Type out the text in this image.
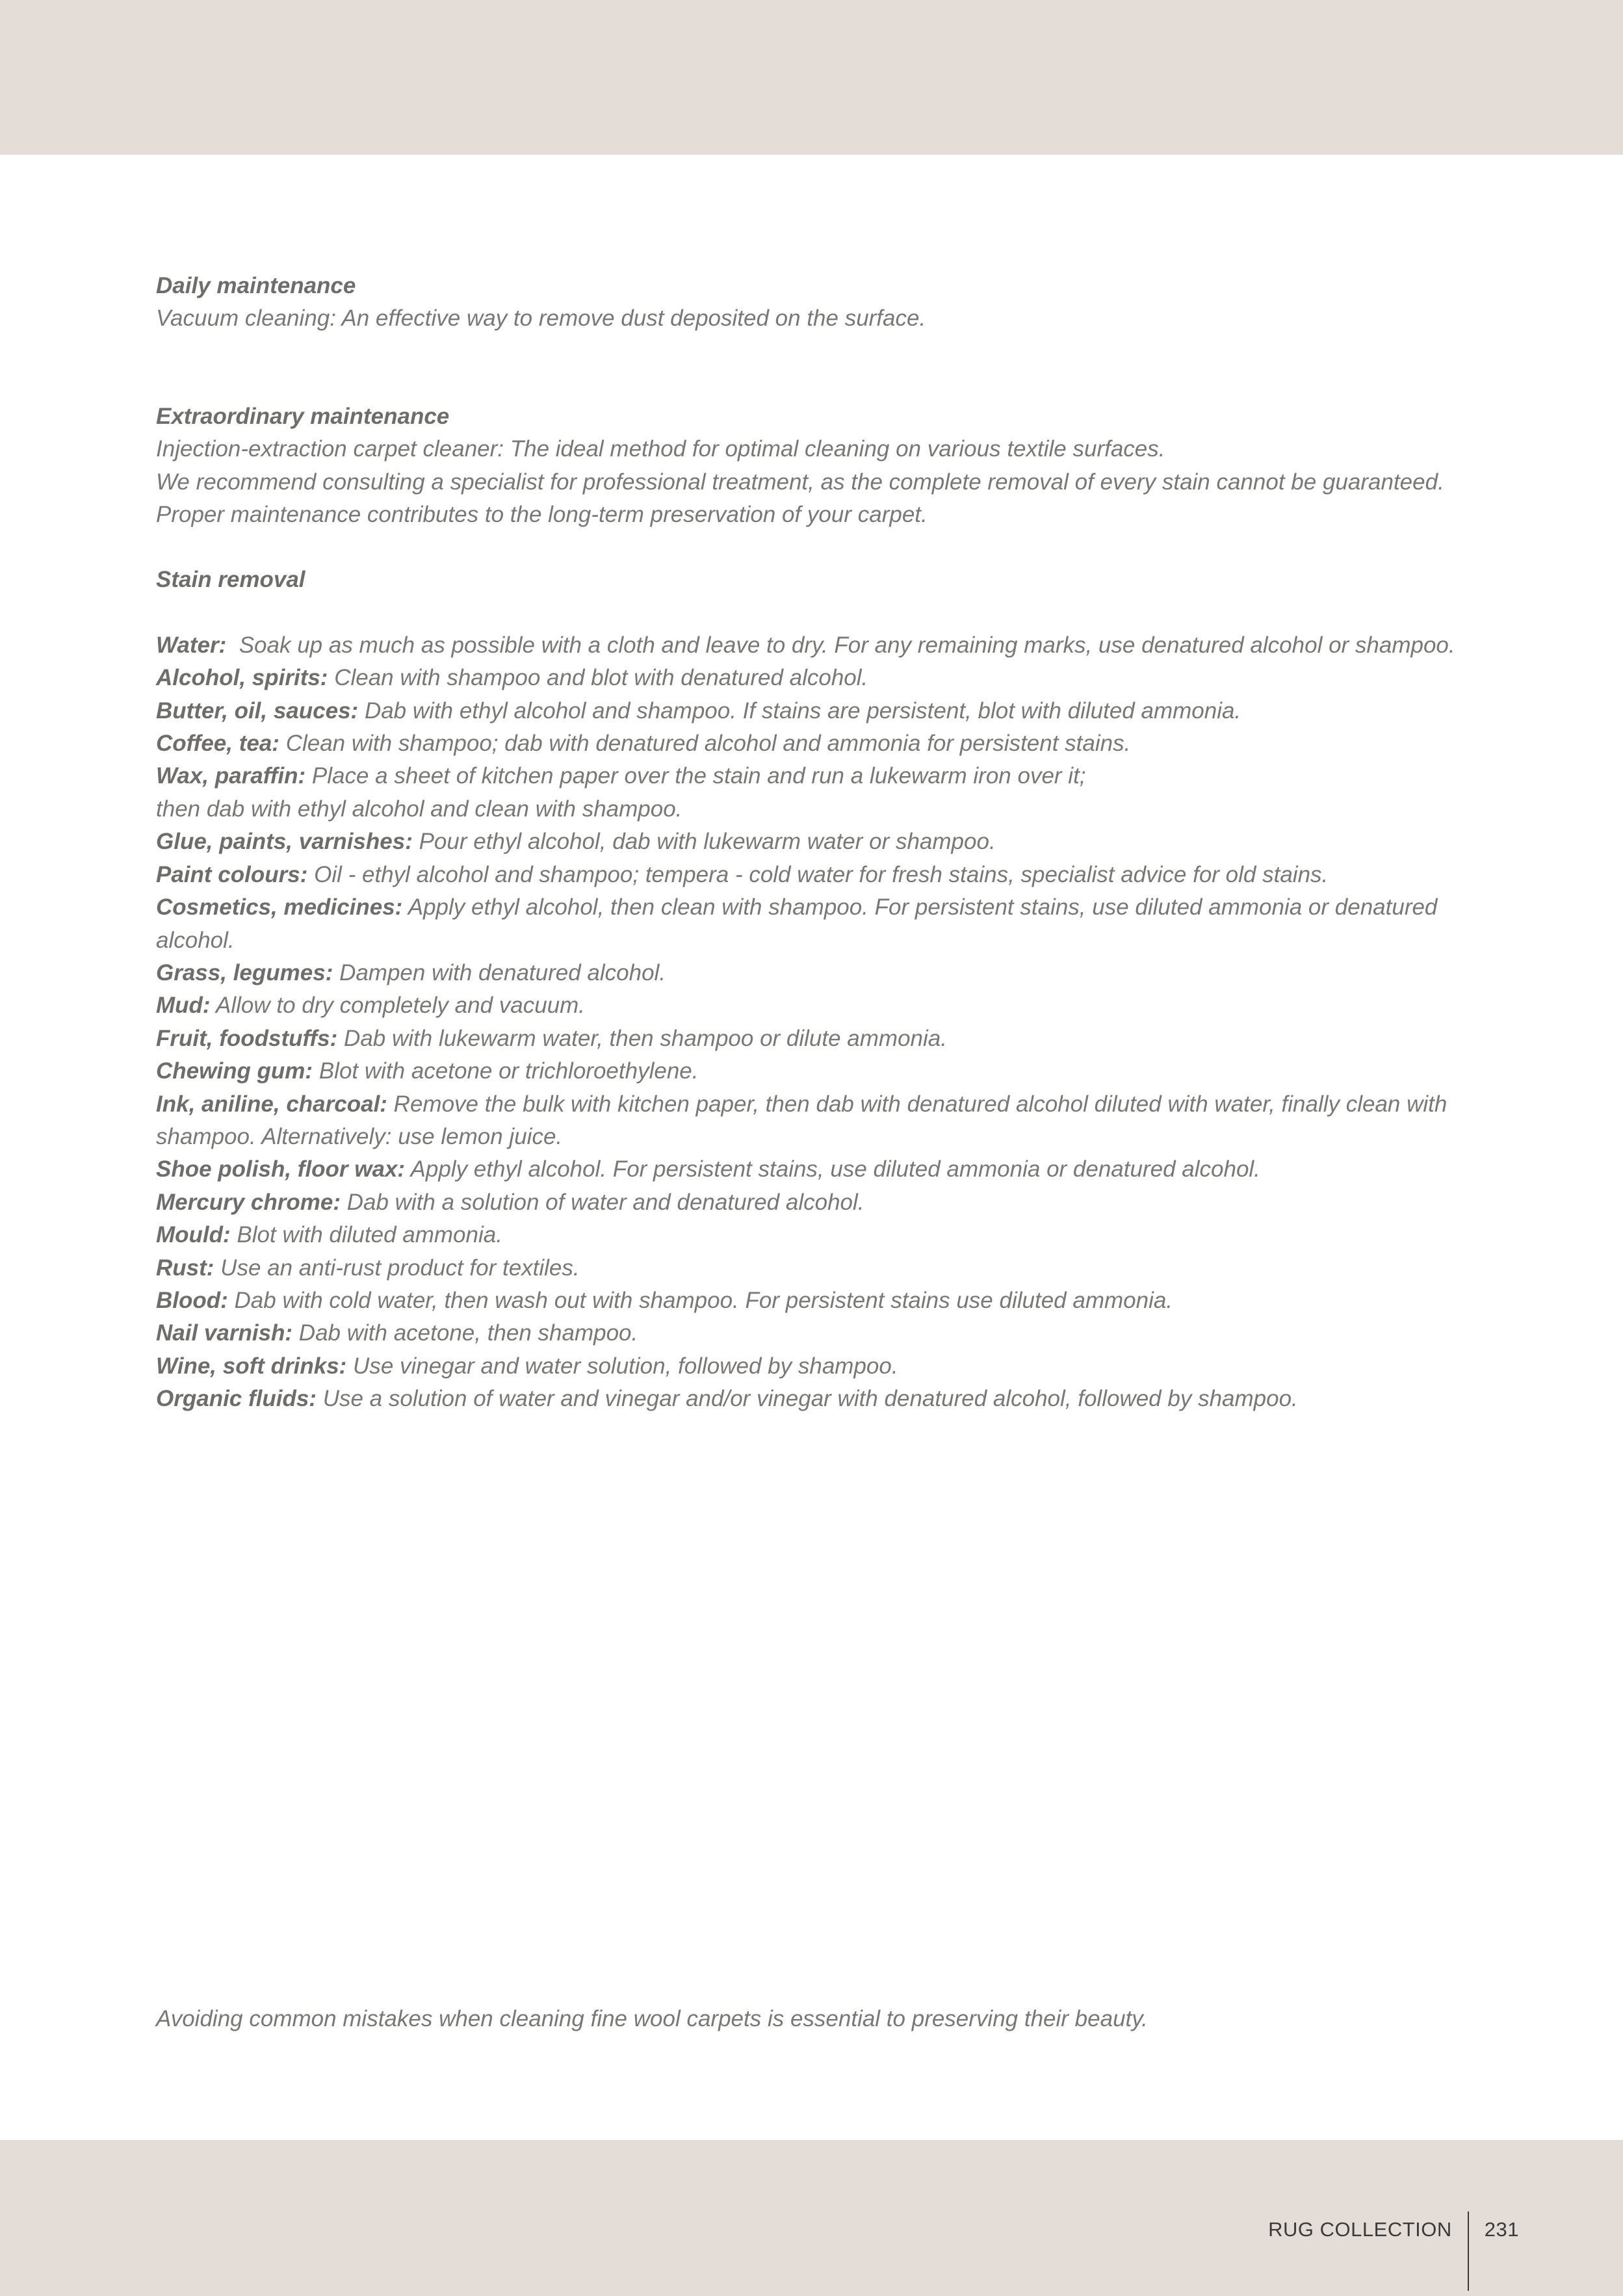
Daily maintenance
Vacuum cleaning: An effective way to remove dust deposited on the surface.
Extraordinary maintenance
Injection-extraction carpet cleaner: The ideal method for optimal cleaning on various textile surfaces.
We recommend consulting a specialist for professional treatment, as the complete removal of every stain cannot be guaranteed.
Proper maintenance contributes to the long-term preservation of your carpet.
Stain removal
Water:  Soak up as much as possible with a cloth and leave to dry. For any remaining marks, use denatured alcohol or shampoo.
Alcohol, spirits: Clean with shampoo and blot with denatured alcohol.
Butter, oil, sauces: Dab with ethyl alcohol and shampoo. If stains are persistent, blot with diluted ammonia.
Coffee, tea: Clean with shampoo; dab with denatured alcohol and ammonia for persistent stains.
Wax, paraffin: Place a sheet of kitchen paper over the stain and run a lukewarm iron over it;
then dab with ethyl alcohol and clean with shampoo.
Glue, paints, varnishes: Pour ethyl alcohol, dab with lukewarm water or shampoo.
Paint colours: Oil - ethyl alcohol and shampoo; tempera - cold water for fresh stains, specialist advice for old stains.
Cosmetics, medicines: Apply ethyl alcohol, then clean with shampoo. For persistent stains, use diluted ammonia or denatured alcohol.
Grass, legumes: Dampen with denatured alcohol.
Mud: Allow to dry completely and vacuum.
Fruit, foodstuffs: Dab with lukewarm water, then shampoo or dilute ammonia.
Chewing gum: Blot with acetone or trichloroethylene.
Ink, aniline, charcoal: Remove the bulk with kitchen paper, then dab with denatured alcohol diluted with water, finally clean with shampoo. Alternatively: use lemon juice.
Shoe polish, floor wax: Apply ethyl alcohol. For persistent stains, use diluted ammonia or denatured alcohol.
Mercury chrome: Dab with a solution of water and denatured alcohol.
Mould: Blot with diluted ammonia.
Rust: Use an anti-rust product for textiles.
Blood: Dab with cold water, then wash out with shampoo. For persistent stains use diluted ammonia.
Nail varnish: Dab with acetone, then shampoo.
Wine, soft drinks: Use vinegar and water solution, followed by shampoo.
Organic fluids: Use a solution of water and vinegar and/or vinegar with denatured alcohol, followed by shampoo.
Avoiding common mistakes when cleaning fine wool carpets is essential to preserving their beauty.
RUG COLLECTION 231
